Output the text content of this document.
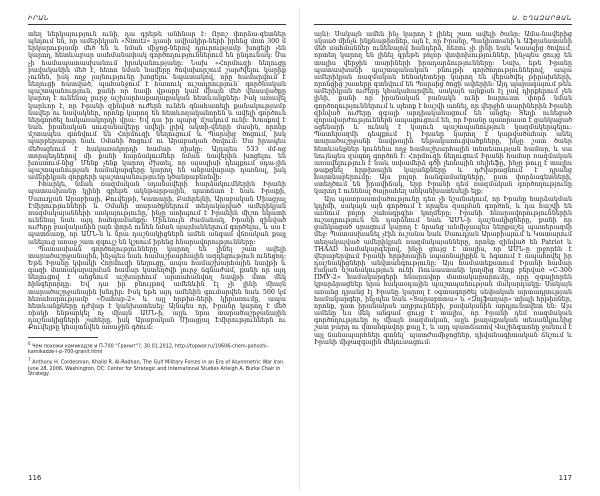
ԻՐԱՆ

տեղ ներկայություն ունի, դա գրեթե անհնար է: Որոշ փորձա-գետներ պնդում են, որ ամերիկյան «Nimitz» դասի ավիակիր-ների իրենց մոտ 300 մ երկարությամբ մեծ են և նման միջոց-ներով դյուրությամբ խոցելի չեն կարող, հետևաբար սահմանափակ գործողություններում են ընդունակ: Սա չի համապատասխանում իրականությանը: Նախ «Հորմուզի նեղուցը բավականին մեծ է, հետո նման նավերը ծովախորշում շարժվելու կարիք չունեն, իսկ ողջ լայնությունը խոցելու նպատակով, որը համարվում է նեղուցի հատված, պահանջում է հատուկ ուշադրություն՝ գործնական պաշտպանություն, քանի որ նավի վթարը կամ միայն մեծ վնասվածքը կարող է ունենալ լուրջ աշխարհաքաղաքական հետևանքներ: Իսկ առավել կարևոր է, որ Իրանի զինված ուժերն ունեն գնահատելի քանակությամբ նավեր ու նավակներ, որոնք կարող են հետևողականորեն և ավելի գործուն ներգործել հակառակորդի վրա: Եվ դա իր պարզ մշակում ունի: Խոսքով է նաև իրանական սուզանավերը ավելի լրիվ ակտի-վների մասին, որոնք մշտապես գտնվում են Հորմուզի նեղուցում և Պարսից ծոցում, իսկ պարբերաբար նաև Օմանի ծոցում ու Արաբական ծովում: Սա իրապես մեծացնում է հակառակորդի համար ռիսկը: Այդպես 533 մմ-ոց տորպեդներով մի քանի հարձակումներ նման նավերին խոցելու են խոստում-նից՝ Մենք չենք կարող ժխտել, որ այսպիսի դեպքում օդա-յին պաշտպանության համակարգերը կարող են անբավարար դառնալ, իսկ ամերիկյան զորքերի պաշտպանությունը կծանրաբեռնվի:

Իհարկե, նման ռազմական օդանավերի հարձակումներին Իրանի պատասխանը կլինի գրեթե ակնթարթային, պատճառ է նաև Իրաքի, Սաուդյան Արաբիայի, Քուվեյթի, Կատարի, Բահրեյնի, Արաբական Միացյալ Էմիրությունների և Օմանի տարածքներում տեղակայված ամերիկյան ռազմակայանների առկայությունը, ինչը ստիպում է Իրանին միշտ նկատի ունենալ նաև այդ հանգամանքը: Միևնույն ժամանակ, Իրանի զինված ուժերը բավականին լայն փորձ ունեն նման պայմաններում գործելու, և սա է պատճառը, որ ԱՄՆ-ն և նրա դաշնակիցներն ամեն անգամ վճռական քայլ անելուց առաջ շատ զգույշ են կշռում իրենց հնարավորությունները:

Պատասխան գործողությունները կարող են լինել շատ ավելի տարածաշրջանային, ինչպես նաև համաշխարհային ազդեցություն ունեցող: Եթե Իրանը կփակի Հորմուզի նեղուցը, ապա համաշխարհային նավթի և գազի մատակարարման համար կստեղծվի լուրջ ճգնաժամ, քանի որ այդ նեղուցով է անցնում աշխարհում արտահանվող նավթի մոտ մեկ հինգերորդը: Եվ դա իր բնույթով ամենևին էլ չի լինի միայն տարածաշրջանային խնդիր: Իսկ եթե այդ ամենին գումարվեն նաև 500 կմ հեռահարությամբ «Շահաբ-2» և այլ հրթիռ-ների կիրառումը, ապա հետևանքները դժվար է կանխատեսել: Այնպես որ, Իրանը կարող է մեծ ռիսկի ենթարկել ոչ միայն ԱՄՆ-ի, այլև նրա տարածաշրջանային դաշնակիցների շահերը, իսկ Արաբական Միացյալ Էմիրություններն ու Քուվեյթը կհայտնվեն առաջին գծում:

$^6$ Чем похожи камикадзе и П-700 "Гранит"?, 30.01.2012, http://topwar.ru/10606-chem-pohozhi-kamikadze-i-p-700-granit.html
$^7$ Anthony H. Cordesman, Khalid R. Al-Rodhan, The Gulf Military Forces in an Era of Asymmetric War Iran. June 28, 2006. Washington, DC: Center for Strategic and International Studies Arleigh A. Burke Chair in Strategy.
116
Ա. ԵՂԱԶԱՐՅԱՆ

այն): Սակայն ամեն ինչ կարող է լինել շատ ավելի ծանր: Ամա-նավերից սկսած մինչև ինքնաթիռներ, այն է, որ Իրանը, Պակիստանի և Աֆղանստանի մեծ սահմաններ ունենալով հանդերձ, հեռու չի լինի նաև Կասպից ծովում, որտեղ կարող են լինել գրեթե բոլոր փոփոխություններ, ինչպես ցույց են տալիս վերջին տարիների իրադարձությունները: Նախ, եթե Իրանը պատասխանի պաշտպանական բնույթի գործողություններով, ապա ամերիկյան ռազմական հենակետերը կարող են վերածվել թիրախների, որոնցից շատերը գտնվում են Պարսից ծոցի ափերին: Այդ պարագայում թեև ամերիկյան ուժերը կհակահարվեն, սակայն այնքան էլ լավ դիրքերում չեն լինի, քանի որ իրանական բանակն ունի հարուստ փորձ նման գործողություններում և պետք է հաշվի առնել, որ վերջին տարիներին Իրանի զինված ուժերը զգալի արդիականացում են անցել: Տեղի ունեցած զորավարժություններն ապացուցում են, որ Իրանը պատրաստ է ցանկացած սցենարի և ունակ է կայուն պաշտպանություն կազմակերպելու: Պատերազմի դեպքում էլ Իրանը կարող է կաթվածահար անել տարածաշրջանի նավթային ենթակառուցվածքները, ինչը շատ ծանր հետևանքներ կունենա ողջ համաշխարհային տնտեսության համար, և սա նույնպես զսպող գործոն է: Հորմուզի նեղուցում Իրանի համար ռազմական առավելություն է նաև ափամերձ գծի լեռնային ռելիեֆը, ինչը թույլ է տալիս թաքցնել հրթիռային կայանքները և դժվարացնում է դրանց հայտնաբերումը: Այս բոլոր հանգամանքները, ըստ փորձագետների, ստեղծում են իրավիճակ, երբ Իրանի դեմ ռազմական գործողությունը կարող է ունենալ ծայրահեղ անկանխատեսելի ելք:

Այս պատրաստվածությունը դեռ չի նշանակում, որ Իրանը հարձակման կդիմի, սակայն այն գործում է որպես զսպման գործոն, և դա հաշվի են առնում բոլոր շահագրգիռ կողմերը: Իրանի հնարավորություններին ուշադրություն են դարձնում նաև ԱՄՆ-ի դաշնակիցները, քանի որ ցանկացած սրացում կարող է նրանց անմիջապես ներքաշել պատերազմի մեջ: Պատասխանել չէին ուշանա նաև Սաուդյան Արաբիայում և Կատարում տեղակայված ամերիկյան ռազմակայանները, որոնք զինված են Patriot և THAAD համակարգերով, ինչը ցույց է տալիս, որ ԱՄՆ-ը լրջորեն է վերաբերվում Իրանի հրթիռային սպառնալիքին և ձգտում է ապահովել իր դաշնակիցների անվտանգությունը: Այս համատեքստում Իրանի համար էական նշանակություն ունի Ռուսաստանի կողմից ձեռք բերված «С-300 ПМУ-2» համակարգերի հնարավոր մատակարարումը, որը զգալիորեն կբարձրացներ նրա հակաօդային պաշտպանության մակարդակը: Սակայն առանց դրանց էլ Իրանը կարող է օգտագործել սեփական արտադրության համակարգեր, ինչպես նաև «Տարաբոտա» և «Զոլֆաղար» տիպի հրթիռներ, որոնք, ըստ իրանական աղբյուրների, բավականին արդյունավետ են: Այս ամենը ևս մեկ անգամ ցույց է տալիս, որ Իրանի դեմ ռազմական գործողությունը ոչ միայն ռազմական, այլև քաղաքական տեսանկյունից շատ բարդ ու վտանգավոր քայլ է, և այդ պատճառով Վաշինգտոնը ջանում է այլ ճանապարհներ գտնել՝ պատժամիջոցներ, դիվանագիտական ճնշում և Իրանի միջազգային մեկուսացում:

117
